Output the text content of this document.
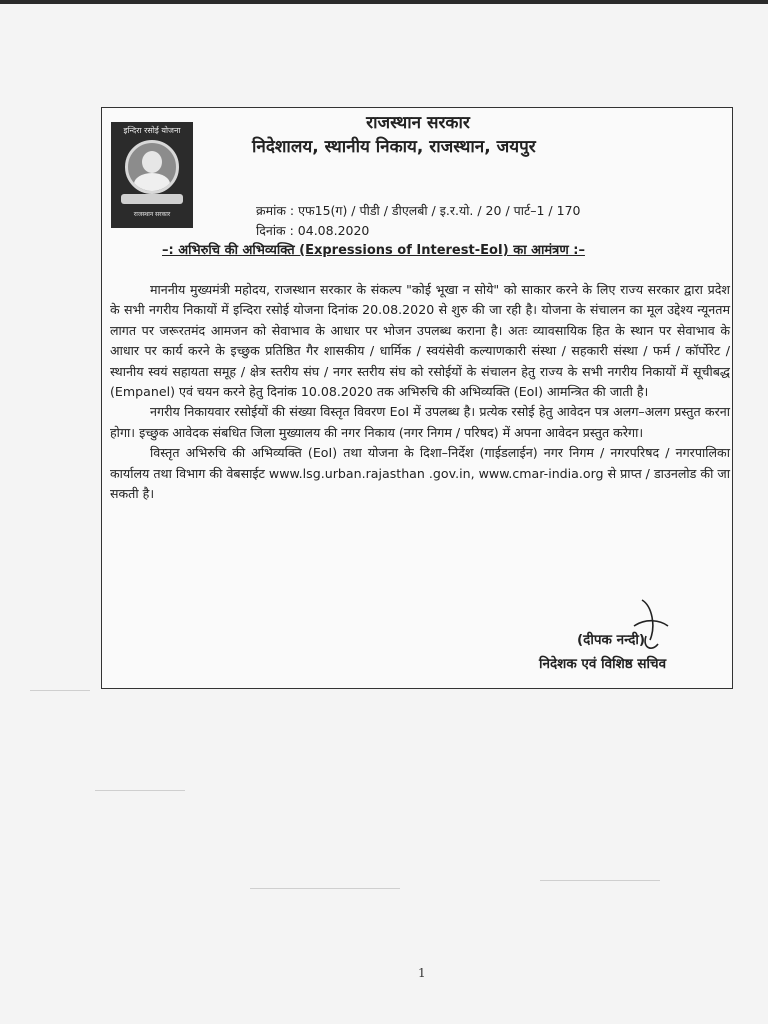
इन्दिरा रसोई योजना
राजस्थान सरकार
राजस्थान सरकार
निदेशालय, स्थानीय निकाय, राजस्थान, जयपुर
क्रमांक : एफ15(ग) / पीडी / डीएलबी / इ.र.यो. / 20 / पार्ट–1 / 170
दिनांक : 04.08.2020
–: अभिरुचि की अभिव्यक्ति (Expressions of Interest-EoI) का आमंत्रण :–

माननीय मुख्यमंत्री महोदय, राजस्थान सरकार के संकल्प "कोई भूखा न सोये" को साकार करने के लिए राज्य सरकार द्वारा प्रदेश के सभी नगरीय निकायों में इन्दिरा रसोई योजना दिनांक 20.08.2020 से शुरु की जा रही है। योजना के संचालन का मूल उद्देश्य न्यूनतम लागत पर जरूरतमंद आमजन को सेवाभाव के आधार पर भोजन उपलब्ध कराना है। अतः व्यावसायिक हित के स्थान पर सेवाभाव के आधार पर कार्य करने के इच्छुक प्रतिष्ठित गैर शासकीय / धार्मिक / स्वयंसेवी कल्याणकारी संस्था / सहकारी संस्था / फर्म / कॉर्पोरेट / स्थानीय स्वयं सहायता समूह / क्षेत्र स्तरीय संघ / नगर स्तरीय संघ को रसोईयों के संचालन हेतु राज्य के सभी नगरीय निकायों में सूचीबद्ध (Empanel) एवं चयन करने हेतु दिनांक 10.08.2020 तक अभिरुचि की अभिव्यक्ति (EoI) आमन्त्रित की जाती है।

नगरीय निकायवार रसोईयों की संख्या विस्तृत विवरण EoI में उपलब्ध है। प्रत्येक रसोई हेतु आवेदन पत्र अलग–अलग प्रस्तुत करना होगा। इच्छुक आवेदक संबधित जिला मुख्यालय की नगर निकाय (नगर निगम / परिषद) में अपना आवेदन प्रस्तुत करेगा।

विस्तृत अभिरुचि की अभिव्यक्ति (EoI) तथा योजना के दिशा–निर्देश (गाईडलाईन) नगर निगम / नगरपरिषद / नगरपालिका कार्यालय तथा विभाग की वेबसाईट www.lsg.urban.rajasthan .gov.in, www.cmar-india.org से प्राप्त / डाउनलोड की जा सकती है।

(दीपक नन्दी)
निदेशक एवं विशिष्ठ सचिव
1
